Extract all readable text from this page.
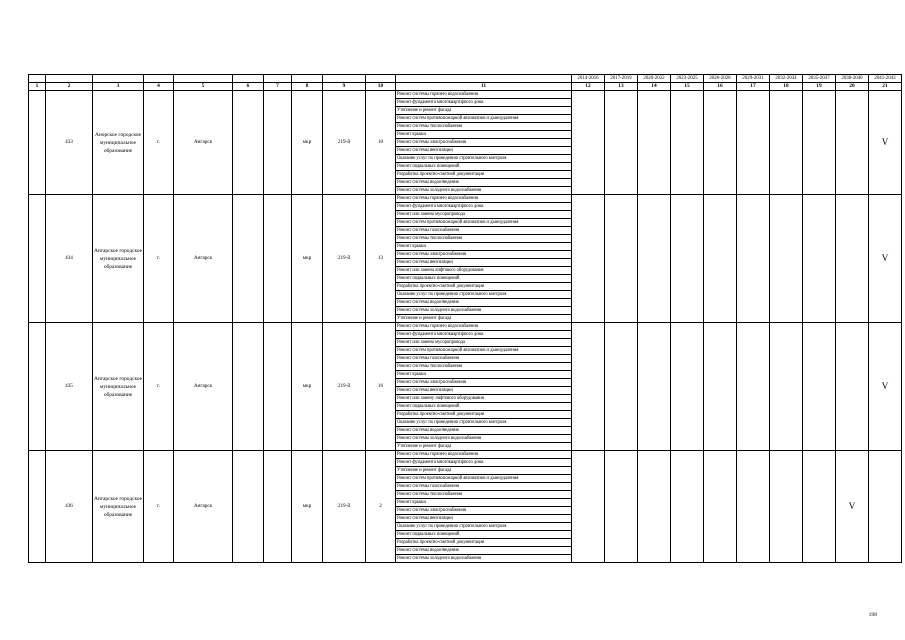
											2014-2016	2017-2019	2020-2022	2023-2025	2026-2028	2029-2031	2032-2034	2035-2037	2038-2040	2041-2043
1	2	3	4	5	6	7	8	9	10	11	12	13	14	15	16	17	18	19	20	21
	433	Анорское городское муниципальное образование	г.	Ангарск			мкр	219-й	10	Ремонт системы горячего водоснабжения										V
										Ремонт фундамента многоквартирного дома										
										Утепление и ремонт фасада										
										Ремонт систем противопожарной автоматики и дымоудаления										
										Ремонт системы теплоснабжения										
										Ремонт крыши										
										Ремонт системы электроснабжения										
										Ремонт системы вентиляции										
										Оказание услуг по проведению строительного контроля										
										Ремонт подвальных помещений										
										Разработка проектно-сметной документации										
										Ремонт системы водоотведения										
										Ремонт системы холодного водоснабжения										
	434	Ангарское городское муниципальное образование	г.	Ангарск			мкр	219-й	13	Ремонт системы горячего водоснабжения										V
										Ремонт фундамента многоквартирного дома										
										Ремонт или замена мусоропровода										
										Ремонт систем противопожарной автоматики и дымоудаления										
										Ремонт системы газоснабжения										
										Ремонт системы теплоснабжения										
										Ремонт крыши										
										Ремонт системы электроснабжения										
										Ремонт системы вентиляции										
										Ремонт или замена лифтового оборудования										
										Ремонт подвальных помещений										
										Разработка проектно-сметной документации										
										Оказание услуг по проведению строительного контроля										
										Ремонт системы водоотведения										
										Ремонт системы холодного водоснабжения										
										Утепление и ремонт фасада										
	435	Ангарское городское муниципальное образование	г.	Ангарск			мкр	219-й	16	Ремонт системы горячего водоснабжения										V
										Ремонт фундамента многоквартирного дома										
										Ремонт или замена мусоропровода										
										Ремонт систем противопожарной автоматики и дымоудаления										
										Ремонт системы газоснабжения										
										Ремонт системы теплоснабжения										
										Ремонт крыши										
										Ремонт системы электроснабжения										
										Ремонт системы вентиляции										
										Ремонт или замену лифтового оборудования										
										Ремонт подвальных помещений										
										Разработка проектно-сметной документации										
										Оказание услуг по проведению строительного контроля										
										Ремонт системы водоотведения										
										Ремонт системы холодного водоснабжения										
										Утепление и ремонт фасада										
	436	Ангарское городское муниципальное образование	г.	Ангарск			мкр	219-й	2	Ремонт системы горячего водоснабжения									V	
										Ремонт фундамента многоквартирного дома										
										Утепление и ремонт фасада										
										Ремонт систем противопожарной автоматики и дымоудаления										
										Ремонт системы газоснабжения										
										Ремонт системы теплоснабжения										
										Ремонт крыши										
										Ремонт системы электроснабжения										
										Ремонт системы вентиляции										
										Оказание услуг по проведению строительного контроля										
										Ремонт подвальных помещений										
										Разработка проектно-сметной документации										
										Ремонт системы водоотведения										
										Ремонт системы холодного водоснабжения										
198
